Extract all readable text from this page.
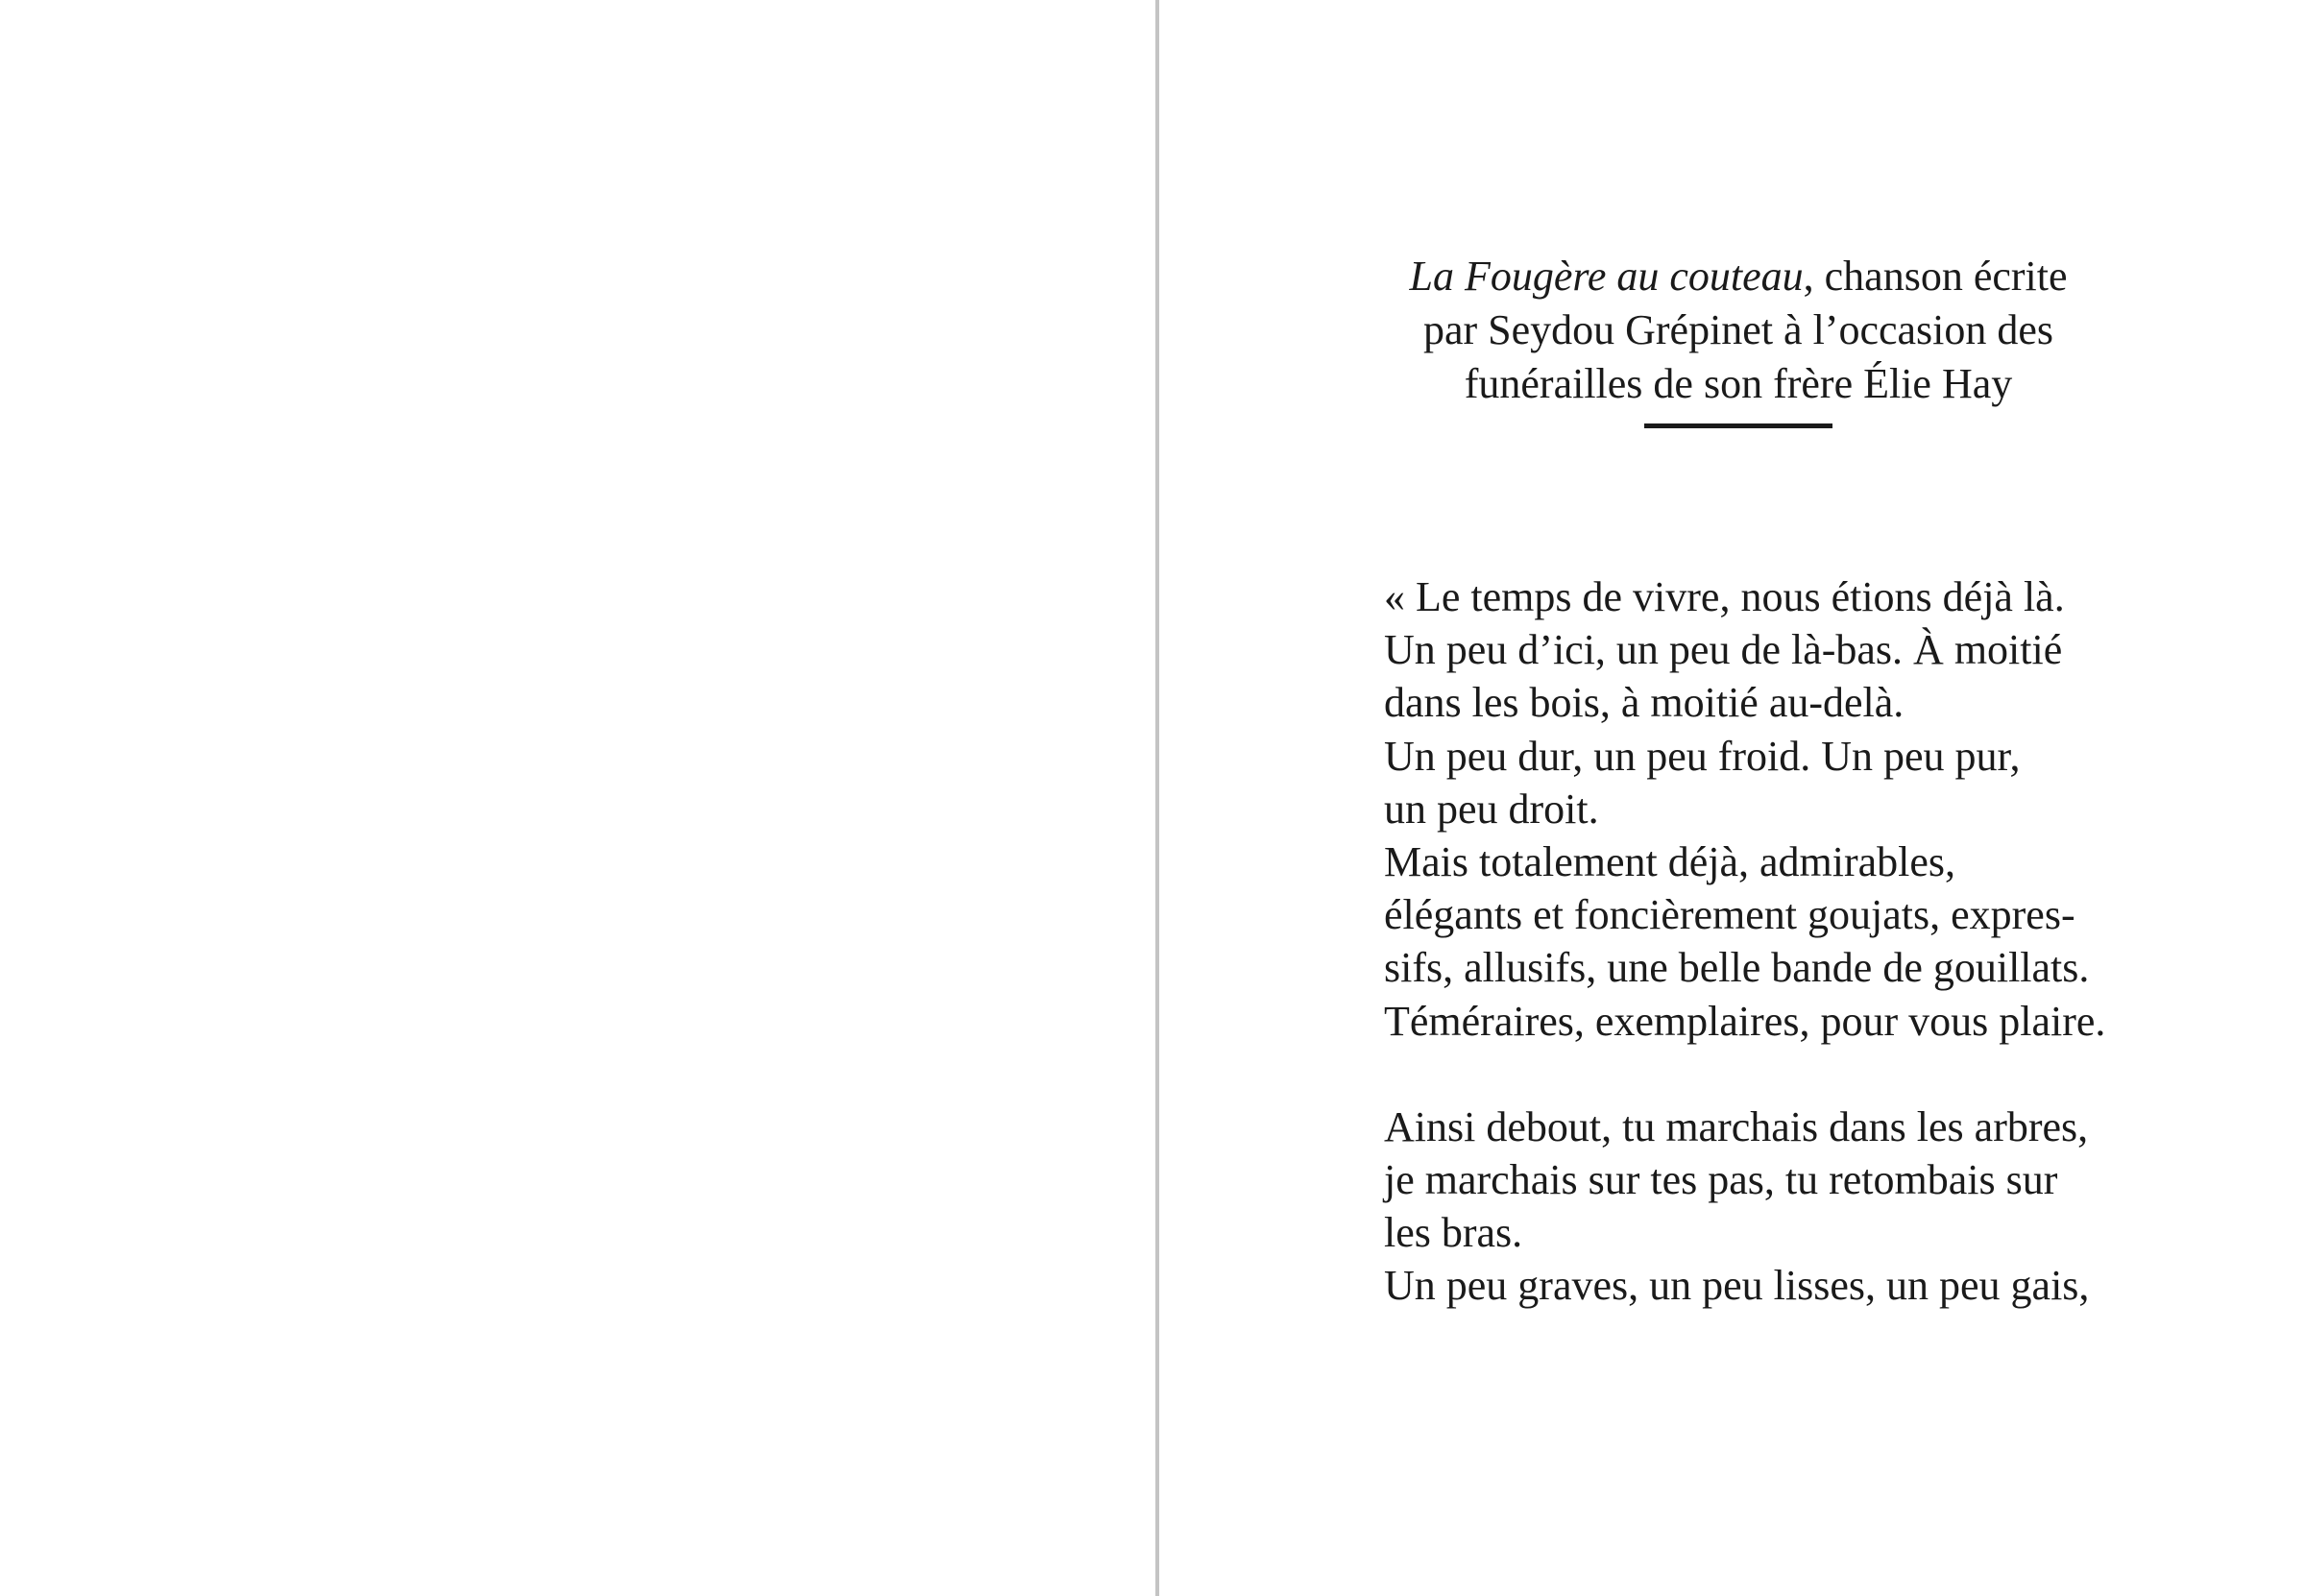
La Fougère au couteau, chanson écrite
par Seydou Grépinet à l’occasion des
funérailles de son frère Élie Hay
« Le temps de vivre, nous étions déjà là.
Un peu d’ici, un peu de là-bas. À moitié
dans les bois, à moitié au-delà.
Un peu dur, un peu froid. Un peu pur,
un peu droit.
Mais totalement déjà, admirables,
élégants et foncièrement goujats, expres-
sifs, allusifs, une belle bande de gouillats.
Téméraires, exemplaires, pour vous plaire.
Ainsi debout, tu marchais dans les arbres,
je marchais sur tes pas, tu retombais sur
les bras.
Un peu graves, un peu lisses, un peu gais,
